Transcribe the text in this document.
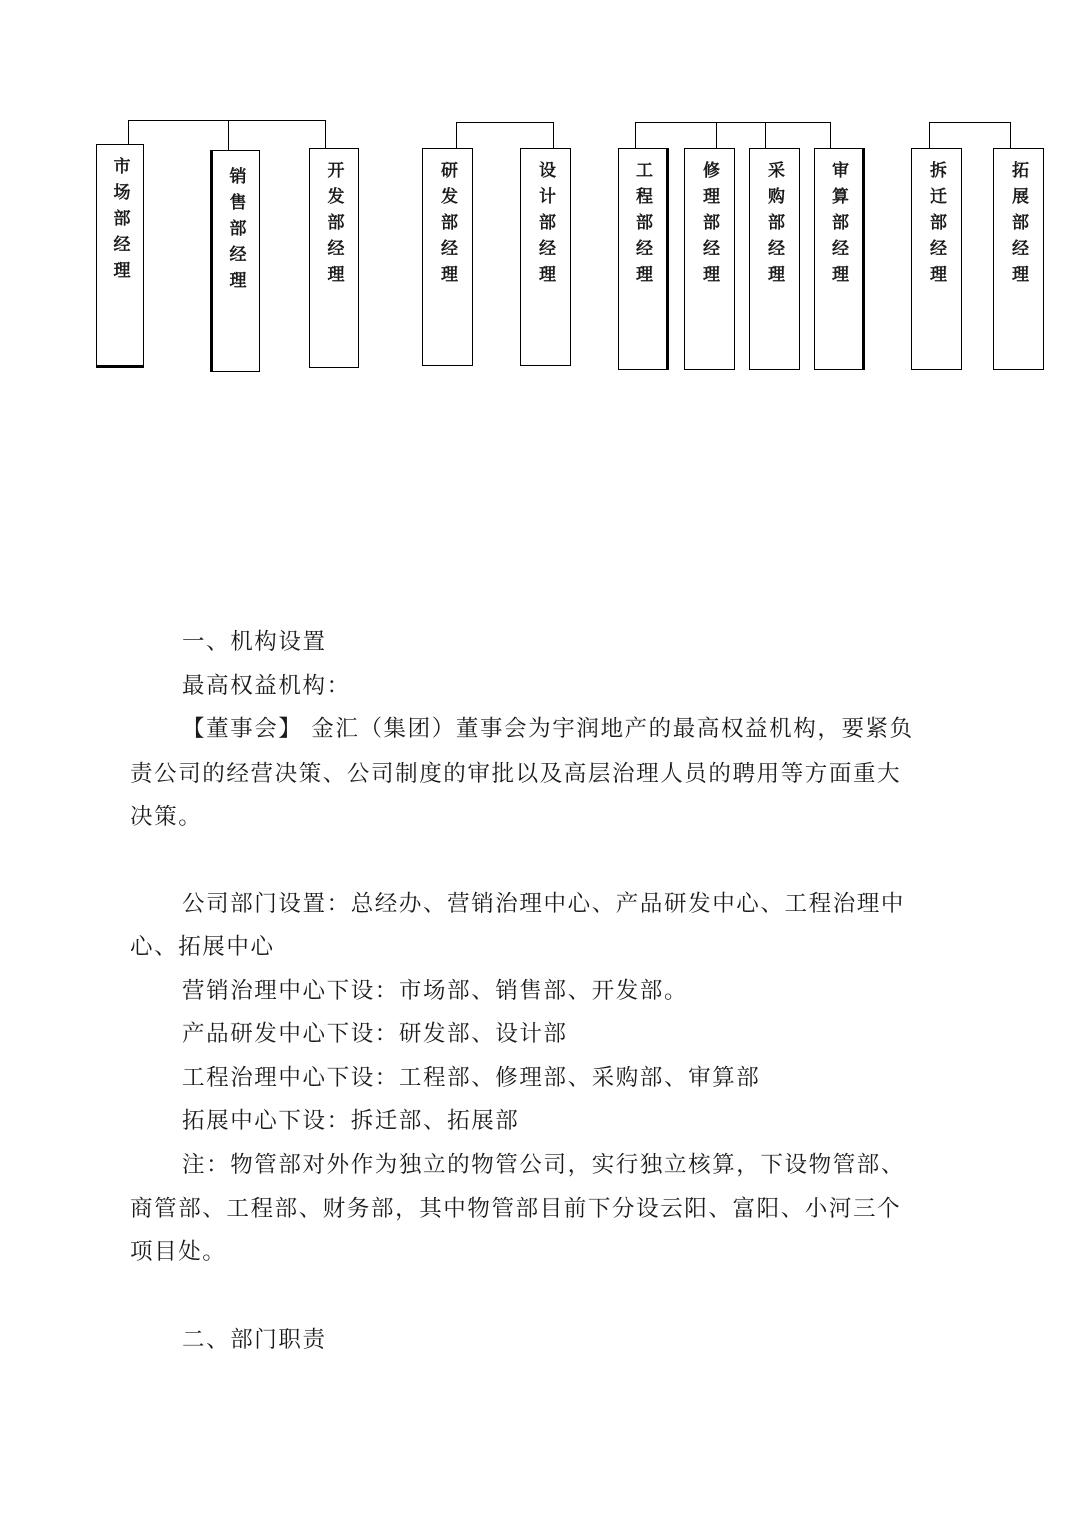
市场部经理	销售部经理	开发部经理	研发部经理	设计部经理	工程部经理	修理部经理	采购部经理	审算部经理	拆迁部经理	拓展部经理
一、机构设置
最高权益机构：
【董事会】 金汇（集团）董事会为宇润地产的最高权益机构，要紧负
责公司的经营决策、公司制度的审批以及高层治理人员的聘用等方面重大
决策。
公司部门设置：总经办、营销治理中心、产品研发中心、工程治理中
心、拓展中心
营销治理中心下设：市场部、销售部、开发部。
产品研发中心下设：研发部、设计部
工程治理中心下设：工程部、修理部、采购部、审算部
拓展中心下设：拆迁部、拓展部
注：物管部对外作为独立的物管公司，实行独立核算，下设物管部、
商管部、工程部、财务部，其中物管部目前下分设云阳、富阳、小河三个
项目处。
二、部门职责
